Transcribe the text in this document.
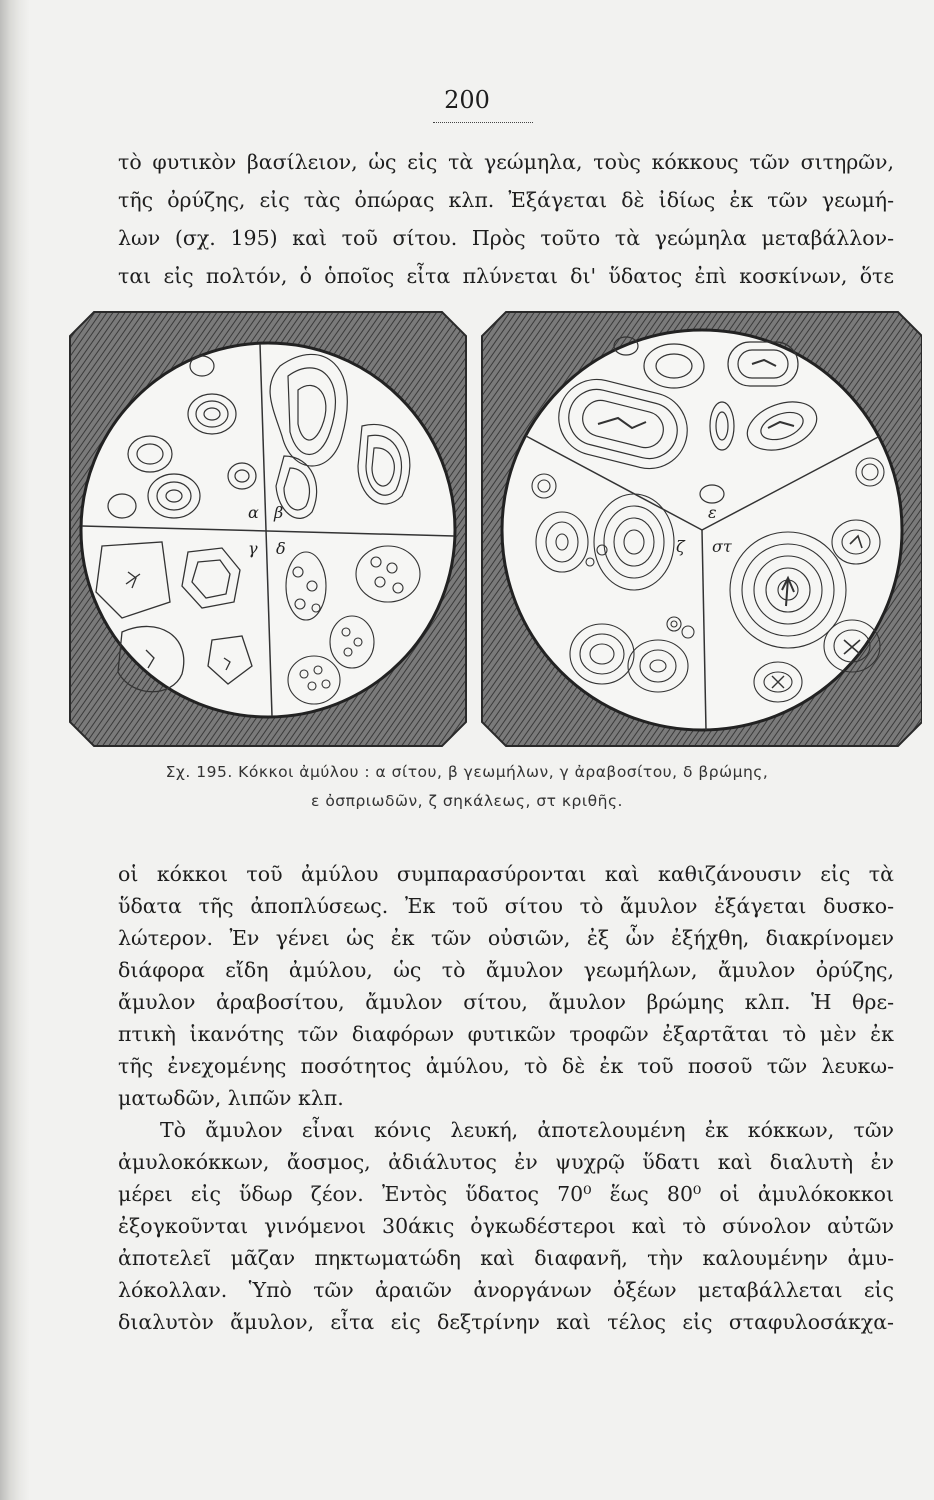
200

τὸ φυτικὸν βασίλειον, ὡς εἰς τὰ γεώμηλα, τοὺς κόκκους τῶν σιτηρῶν,

τῆς ὀρύζης, εἰς τὰς ὀπώρας κλπ. Ἐξάγεται δὲ ἰδίως ἐκ τῶν γεωμή-

λων (σχ. 195) καὶ τοῦ σίτου. Πρὸς τοῦτο τὰ γεώμηλα μεταβάλλον-

ται εἰς πολτόν, ὁ ὁποῖος εἶτα πλύνεται δι' ὕδατος ἐπὶ κοσκίνων, ὅτε

α β
γ δ
ε
ζ στ
Σχ. 195. Κόκκοι ἀμύλου : α σίτου, β γεωμήλων, γ ἀραβοσίτου, δ βρώμης,
ε ὀσπριωδῶν, ζ σηκάλεως, στ κριθῆς.
οἱ κόκκοι τοῦ ἀμύλου συμπαρασύρονται καὶ καθιζάνουσιν εἰς τὰ
ὕδατα τῆς ἀποπλύσεως. Ἐκ τοῦ σίτου τὸ ἄμυλον ἐξάγεται δυσκο-
λώτερον. Ἐν γένει ὡς ἐκ τῶν οὐσιῶν, ἐξ ὧν ἐξήχθη, διακρίνομεν
διάφορα εἴδη ἀμύλου, ὡς τὸ ἄμυλον γεωμήλων, ἄμυλον ὀρύζης,
ἄμυλον ἀραβοσίτου, ἄμυλον σίτου, ἄμυλον βρώμης κλπ. Ἡ θρε-
πτικὴ ἱκανότης τῶν διαφόρων φυτικῶν τροφῶν ἐξαρτᾶται τὸ μὲν ἐκ
τῆς ἐνεχομένης ποσότητος ἀμύλου, τὸ δὲ ἐκ τοῦ ποσοῦ τῶν λευκω-
ματωδῶν, λιπῶν κλπ.
Τὸ ἄμυλον εἶναι κόνις λευκή, ἀποτελουμένη ἐκ κόκκων, τῶν
ἀμυλοκόκκων, ἄοσμος, ἀδιάλυτος ἐν ψυχρῷ ὕδατι καὶ διαλυτὴ ἐν
μέρει εἰς ὕδωρ ζέον. Ἐντὸς ὕδατος 70⁰ ἕως 80⁰ οἱ ἀμυλόκοκκοι
ἐξογκοῦνται γινόμενοι 30άκις ὀγκωδέστεροι καὶ τὸ σύνολον αὐτῶν
ἀποτελεῖ μᾶζαν πηκτωματώδη καὶ διαφανῆ, τὴν καλουμένην ἀμυ-
λόκολλαν. Ὑπὸ τῶν ἀραιῶν ἀνοργάνων ὀξέων μεταβάλλεται εἰς
διαλυτὸν ἄμυλον, εἶτα εἰς δεξτρίνην καὶ τέλος εἰς σταφυλοσάκχα-
